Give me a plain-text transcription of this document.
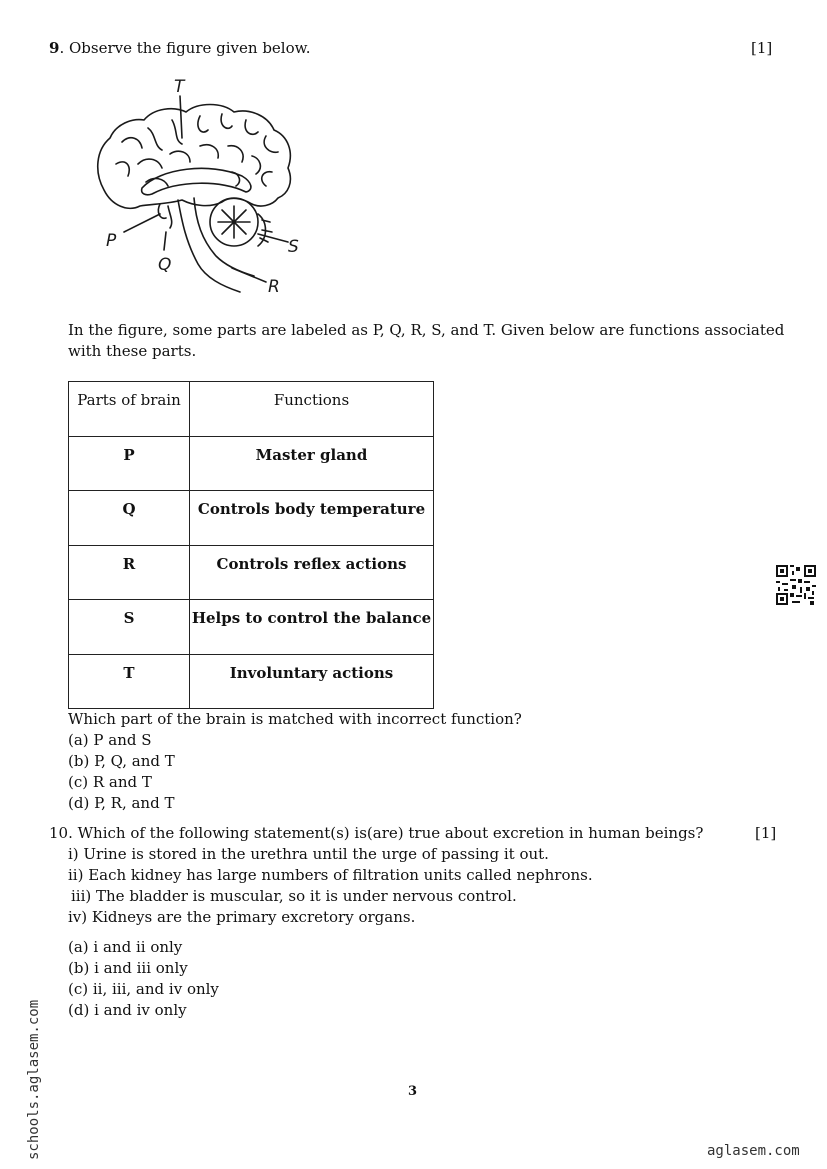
9. Observe the figure given below.	[1]
T
P
Q
S
R
In the figure, some parts are labeled as P, Q, R, S, and T. Given below are functions associated
with these parts.
Parts of brain	Functions
P	Master gland
Q	Controls body temperature
R	Controls reflex actions
S	Helps to control the balance
T	Involuntary actions
Which part of the brain is matched with incorrect function?
(a) P and S
(b) P, Q, and T
(c) R and T
(d) P, R, and T
10. Which of the following statement(s) is(are) true about excretion in human beings?	[1]
i) Urine is stored in the urethra until the urge of passing it out.
ii) Each kidney has large numbers of filtration units called nephrons.
iii) The bladder is muscular, so it is under nervous control.
iv) Kidneys are the primary excretory organs.
(a) i and ii only
(b) i and iii only
(c) ii, iii, and iv only
(d) i and iv only
3
schools.aglasem.com	aglasem.com
